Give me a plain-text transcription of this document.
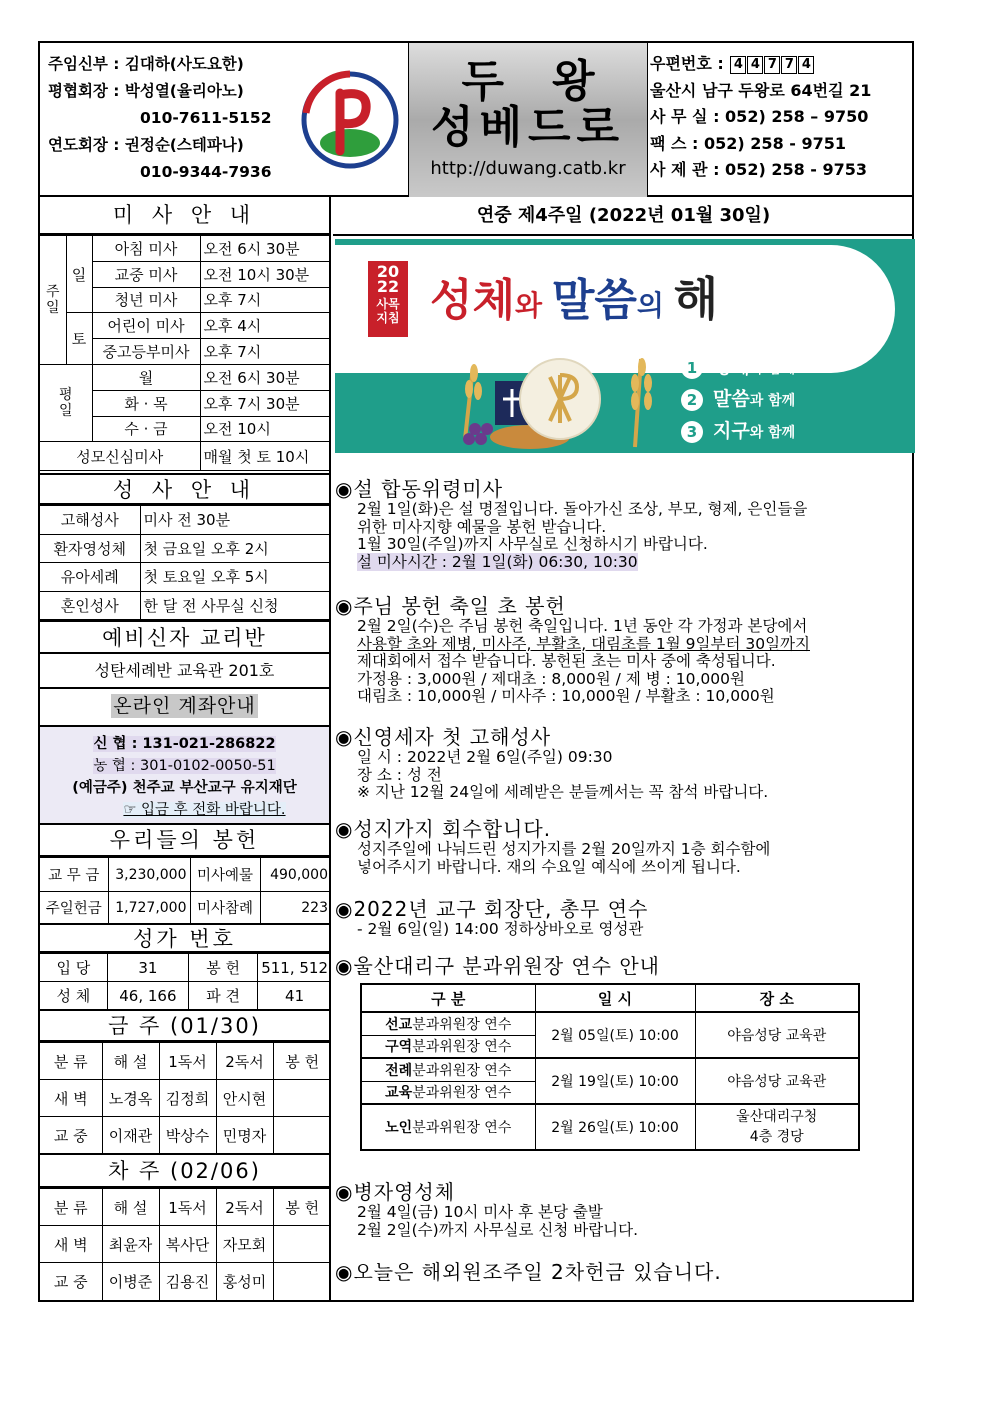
주임신부 : 김대하(사도요한)
평협회장 : 박성열(율리아노)
010-7611-5152
연도회장 : 권정순(스테파나)
010-9344-7936
두왕
성베드로
http://duwang.catb.kr
우편번호 : 4 4 7 7 4
울산시 남구 두왕로 64번길 21
사 무 실 : 052) 258 – 9750
팩 스 : 052) 258 - 9751
사 제 관 : 052) 258 - 9753
미 사 안 내
주일	일	아침 미사	오전 6시 30분
		교중 미사	오전 10시 30분
		청년 미사	오후 7시
	토	어린이 미사	오후 4시
		중고등부미사	오후 7시
평일		월	오전 6시 30분
		화 · 목	오후 7시 30분
		수 · 금	오전 10시
성모신심미사			매월 첫 토 10시
성 사 안 내
고해성사	미사 전 30분
환자영성체	첫 금요일 오후 2시
유아세례	첫 토요일 오후 5시
혼인성사	한 달 전 사무실 신청
예비신자 교리반
성탄세례반 교육관 201호
온라인 계좌안내
신 협 : 131-021-286822
농 협 : 301-0102-0050-51
(예금주) 천주교 부산교구 유지재단
☞ 입금 후 전화 바랍니다.
우리들의 봉헌
교 무 금	3,230,000	미사예물	490,000
주일헌금	1,727,000	미사참례	223
성가 번호
입 당	31	봉 헌	511, 512
성 체	46, 166	파 견	41
금 주 (01/30)
분 류	해 설	1독서	2독서	봉 헌
새 벽	노경옥	김정희	안시현	
교 중	이재관	박상수	민명자	
차 주 (02/06)
분 류	해 설	1독서	2독서	봉 헌
새 벽	최윤자	복사단	자모회	
교 중	이병준	김용진	홍성미	
연중 제4주일 (2022년 01월 30일)
20
22
사목
지침 성체와 말씀의 해
1 성체와 함께
2 말씀과 함께
3 지구와 함께
◉설 합동위령미사
2월 1일(화)은 설 명절입니다. 돌아가신 조상, 부모, 형제, 은인들을
위한 미사지향 예물을 봉헌 받습니다.
1월 30일(주일)까지 사무실로 신청하시기 바랍니다.
설 미사시간 : 2월 1일(화) 06:30, 10:30
◉주님 봉헌 축일 초 봉헌
2월 2일(수)은 주님 봉헌 축일입니다. 1년 동안 각 가정과 본당에서
사용할 초와 제병, 미사주, 부활초, 대림초를 1월 9일부터 30일까지
제대회에서 접수 받습니다. 봉헌된 초는 미사 중에 축성됩니다.
가정용 : 3,000원 / 제대초 : 8,000원 / 제 병 : 10,000원
대림초 : 10,000원 / 미사주 : 10,000원 / 부활초 : 10,000원
◉신영세자 첫 고해성사
일 시 : 2022년 2월 6일(주일) 09:30
장 소 : 성 전
※ 지난 12월 24일에 세례받은 분들께서는 꼭 참석 바랍니다.
◉성지가지 회수합니다.
성지주일에 나눠드린 성지가지를 2월 20일까지 1층 회수함에
넣어주시기 바랍니다. 재의 수요일 예식에 쓰이게 됩니다.
◉2022년 교구 회장단, 총무 연수
- 2월 6일(일) 14:00 정하상바오로 영성관
◉울산대리구 분과위원장 연수 안내
구 분	일 시	장 소
선교분과위원장 연수	2월 05일(토) 10:00	야음성당 교육관
구역분과위원장 연수		
전례분과위원장 연수	2월 19일(토) 10:00	야음성당 교육관
교육분과위원장 연수		
노인분과위원장 연수	2월 26일(토) 10:00	울산대리구청
4층 경당
◉병자영성체
2월 4일(금) 10시 미사 후 본당 출발
2월 2일(수)까지 사무실로 신청 바랍니다.
◉오늘은 해외원조주일 2차헌금 있습니다.
